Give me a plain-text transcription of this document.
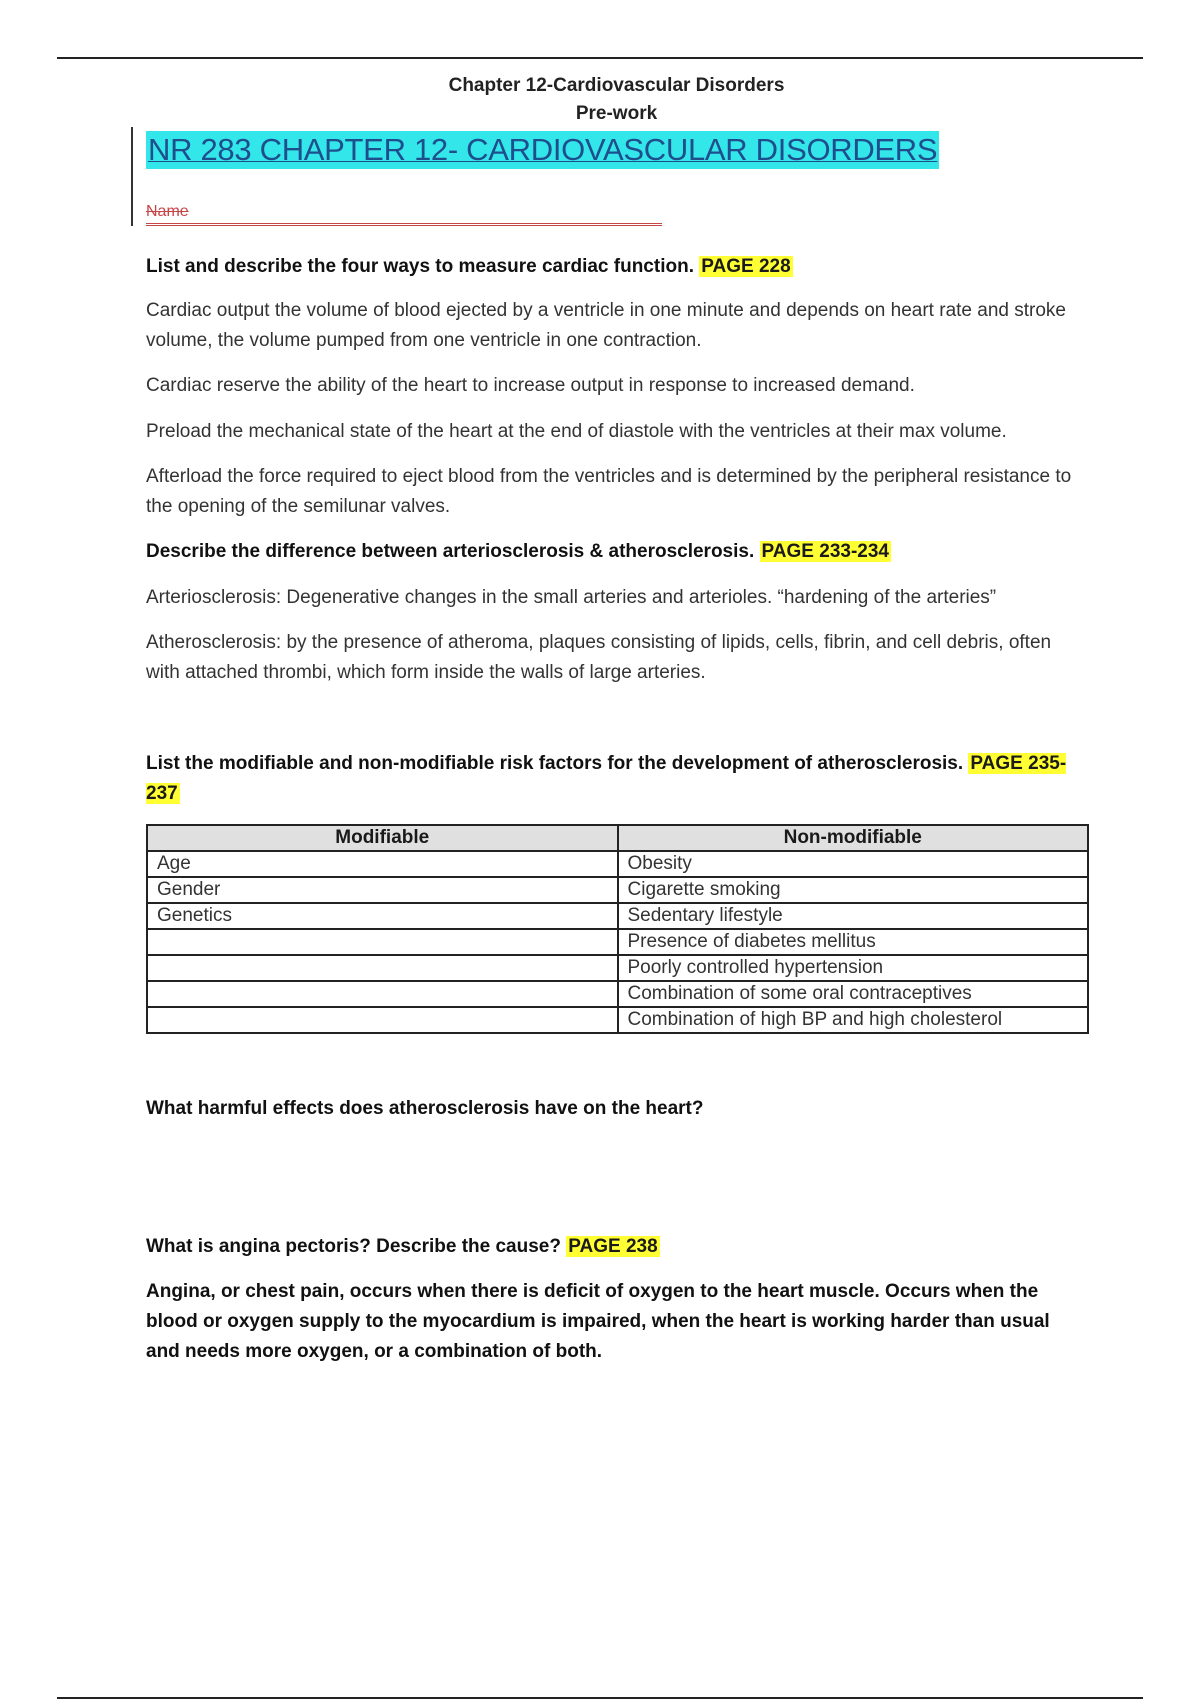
Chapter 12-Cardiovascular Disorders
Pre-work
NR 283 CHAPTER 12- CARDIOVASCULAR DISORDERS
Name
List and describe the four ways to measure cardiac function. PAGE 228
Cardiac output the volume of blood ejected by a ventricle in one minute and depends on heart rate and stroke volume, the volume pumped from one ventricle in one contraction.
Cardiac reserve the ability of the heart to increase output in response to increased demand.
Preload the mechanical state of the heart at the end of diastole with the ventricles at their max volume.
Afterload the force required to eject blood from the ventricles and is determined by the peripheral resistance to the opening of the semilunar valves.
Describe the difference between arteriosclerosis & atherosclerosis. PAGE 233-234
Arteriosclerosis: Degenerative changes in the small arteries and arterioles. “hardening of the arteries”
Atherosclerosis: by the presence of atheroma, plaques consisting of lipids, cells, fibrin, and cell debris, often with attached thrombi, which form inside the walls of large arteries.
List the modifiable and non-modifiable risk factors for the development of atherosclerosis. PAGE 235-237
Modifiable	Non-modifiable
Age	Obesity
Gender	Cigarette smoking
Genetics	Sedentary lifestyle
	Presence of diabetes mellitus
	Poorly controlled hypertension
	Combination of some oral contraceptives
	Combination of high BP and high cholesterol
What harmful effects does atherosclerosis have on the heart?
What is angina pectoris? Describe the cause? PAGE 238
Angina, or chest pain, occurs when there is deficit of oxygen to the heart muscle. Occurs when the blood or oxygen supply to the myocardium is impaired, when the heart is working harder than usual and needs more oxygen, or a combination of both.
